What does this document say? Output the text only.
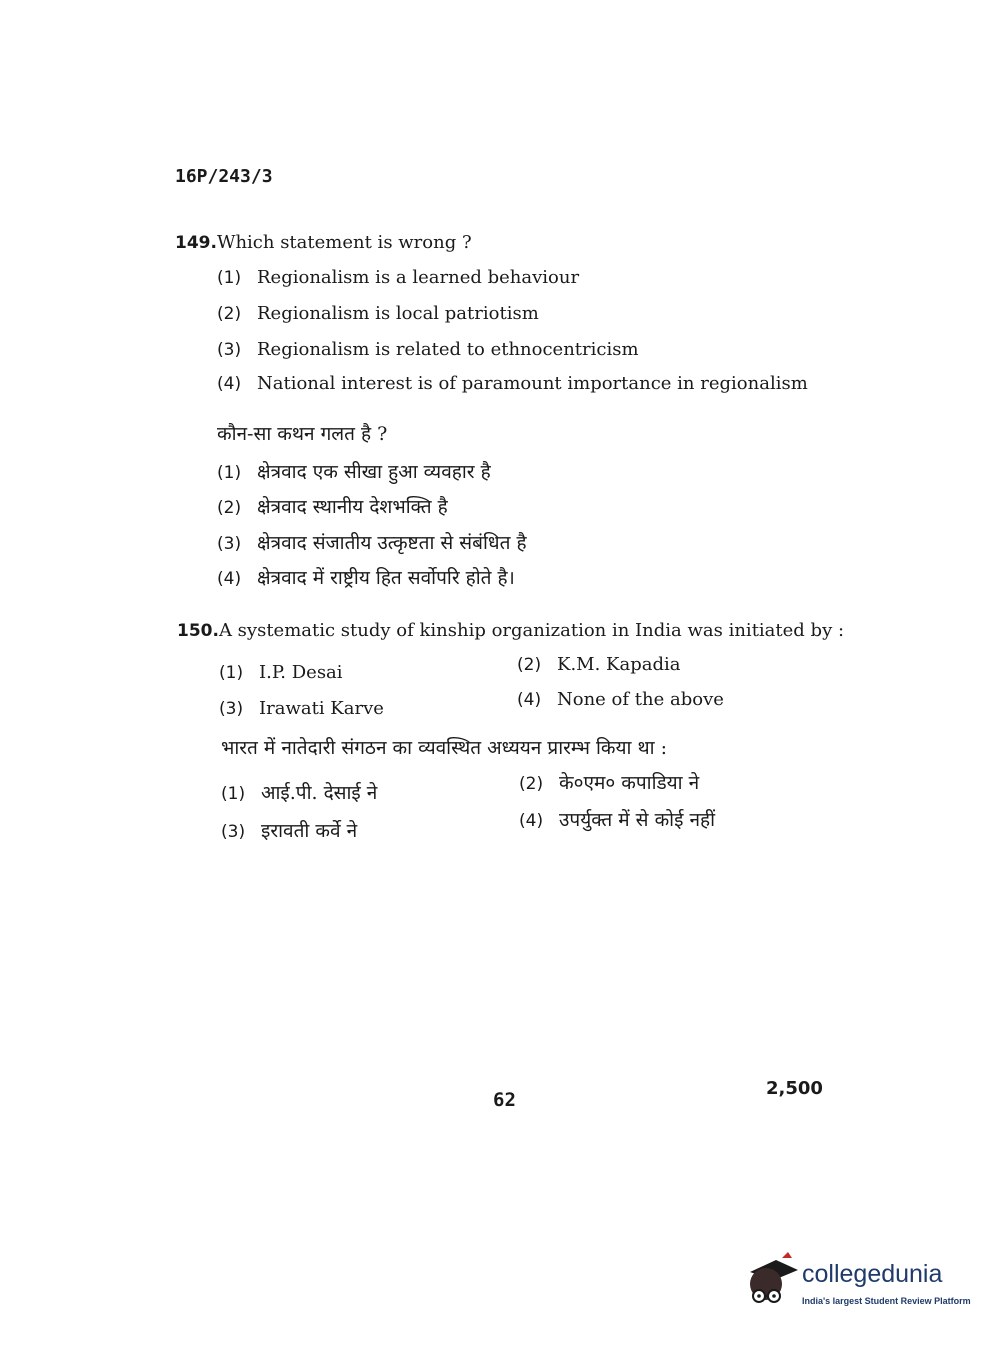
16P/243/3
149.Which statement is wrong ?
(1) Regionalism is a learned behaviour
(2) Regionalism is local patriotism
(3) Regionalism is related to ethnocentricism
(4) National interest is of paramount importance in regionalism
कौन-सा कथन गलत है ?
(1) क्षेत्रवाद एक सीखा हुआ व्यवहार है
(2) क्षेत्रवाद स्थानीय देशभक्ति है
(3) क्षेत्रवाद संजातीय उत्कृष्टता से संबंधित है
(4) क्षेत्रवाद में राष्ट्रीय हित सर्वोपरि होते है।
150.A systematic study of kinship organization in India was initiated by :
(1) I.P. Desai	(2) K.M. Kapadia
(3) Irawati Karve	(4) None of the above
भारत में नातेदारी संगठन का व्यवस्थित अध्ययन प्रारम्भ किया था :
(1) आई.पी. देसाई ने	(2) के०एम० कपाडिया ने
(3) इरावती कर्वे ने	(4) उपर्युक्त में से कोई नहीं
62
2,500
collegedunia
India's largest Student Review Platform
